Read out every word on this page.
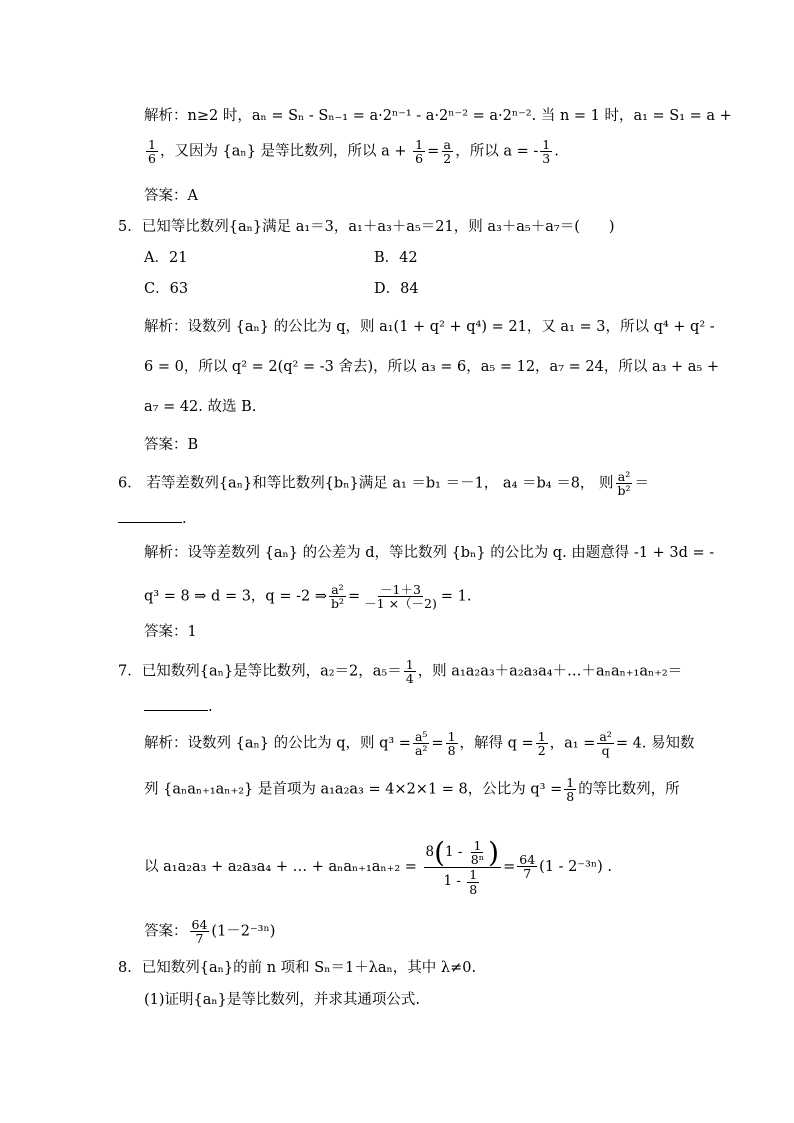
解析：n≥2 时，aₙ = Sₙ - Sₙ₋₁ = a·2ⁿ⁻¹ - a·2ⁿ⁻² = a·2ⁿ⁻². 当 n = 1 时，a₁ = S₁ = a +
$\frac{1}{6}$ ，又因为 {aₙ} 是等比数列，所以 $a + \frac{1}{6} = \frac{a}{2}$ ，所以 a = - $\frac{1}{3}$ .
答案：A
5．已知等比数列{aₙ}满足 a₁＝3，a₁＋a₃＋a₅＝21，则 a₃＋a₅＋a₇＝(　　)
A．21	B．42
C．63	D．84
解析：设数列 {aₙ} 的公比为 q，则 a₁(1 + q² + q⁴) = 21，又 a₁ = 3，所以 q⁴ + q² -
6 = 0，所以 q² = 2(q² = -3 舍去)，所以 a₃ = 6，a₅ = 12，a₇ = 24，所以 a₃ + a₅ +
a₇ = 42. 故选 B.
答案：B
6． 若等差数列{aₙ}和等比数列{bₙ}满足 a₁ ＝b₁ ＝－1， a₄ ＝b₄ ＝8， 则 $\frac{\text{a²}}{\text{b²}}$ ＝
.
解析：设等差数列 {aₙ} 的公差为 d，等比数列 {bₙ} 的公比为 q. 由题意得 -1 + 3d = -
q³ = 8 ⇒ d = 3，q = -2 ⇒ $\frac{\text{a²}}{\text{b²}} = \frac{-1+3}{-1 \times(-2)} = 1$.
答案：1
7．已知数列{aₙ}是等比数列，a₂＝2，$a_5= \frac{1}{4}$ ，则 a₁a₂a₃＋a₂a₃a₄＋…＋aₙaₙ₊₁aₙ₊₂＝
.
解析：设数列 {aₙ} 的公比为 q，则 $q^3 = \frac{\text{a⁵}}{\text{a²}} = \frac{1}{8}$ ，解得 $q = \frac{1}{2}$ ，$a_1 = \frac{\text{a²}}{q} = 4$. 易知数
列 {aₙaₙ₊₁aₙ₊₂} 是首项为 a₁a₂a₃ = 4×2×1 = 8，公比为 $q^3 = \frac{1}{8}$ 的等比数列，所
以 a₁a₂a₃ + a₂a₃a₄ + … + $a_na_{n+1}a_{n+2} = \frac{8(1 - \frac{1}{\text{8ⁿ}} )}{1 - \frac{1}{8}} = \frac{64}{7} (1 - 2^{-3n})$ .
答案： $\frac{64}{7} (1-2^{-3n})$
8．已知数列{aₙ}的前 n 项和 Sₙ＝1＋λaₙ，其中 λ≠0.
(1)证明{aₙ}是等比数列，并求其通项公式.
